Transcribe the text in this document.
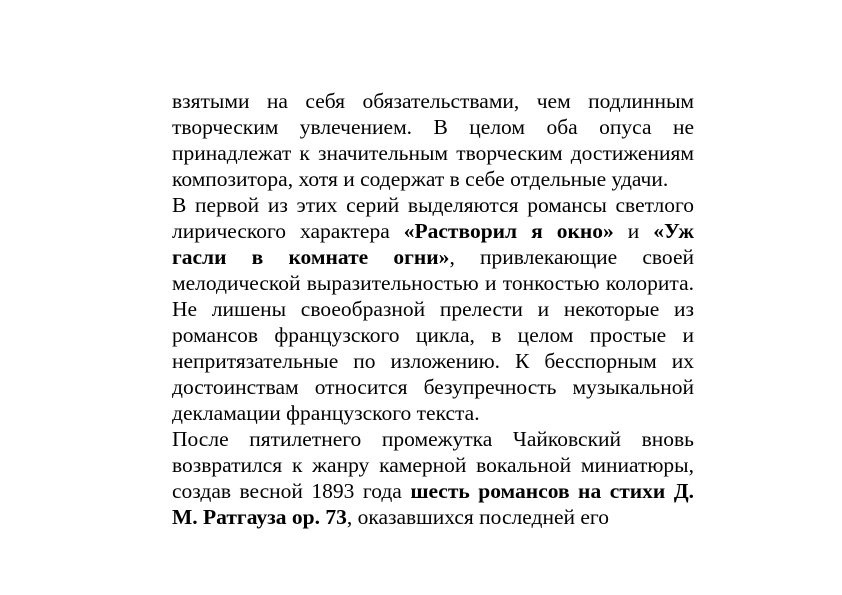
взятыми на себя обязательствами, чем подлинным творческим увлечением. В целом оба опуса не принадлежат к значительным творческим достижениям композитора, хотя и содержат в себе отдельные удачи.

В первой из этих серий выделяются романсы светлого лирического характера «Растворил я окно» и «Уж гасли в комнате огни», привлекающие своей мелодической выразительностью и тонкостью колорита. Не лишены своеобразной прелести и некоторые из романсов французского цикла, в целом простые и непритязательные по изложению. К бесспорным их достоинствам относится безупречность музыкальной декламации французского текста.

После пятилетнего промежутка Чайковский вновь возвратился к жанру камерной вокальной миниатюры, создав весной 1893 года шесть романсов на стихи Д. М. Ратгауза ор. 73, оказавшихся последней его
